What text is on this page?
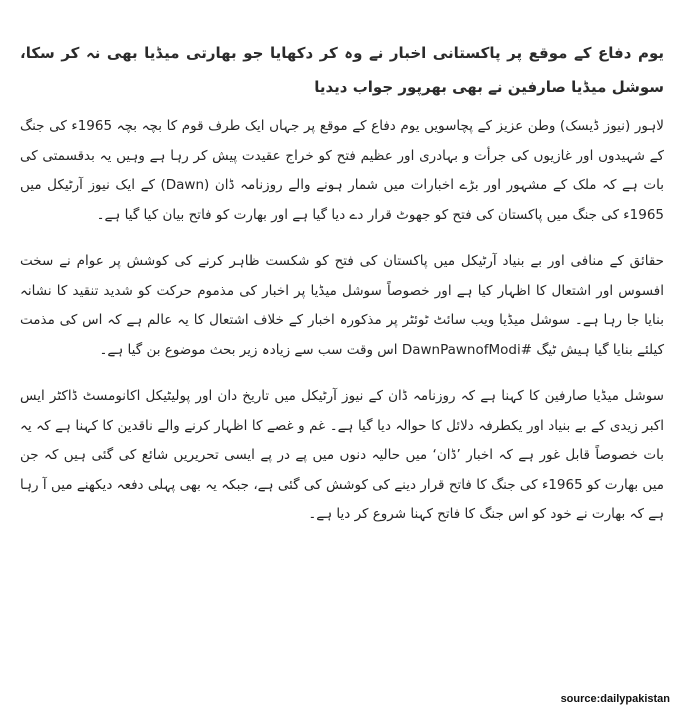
یوم دفاع کے موقع پر پاکستانی اخبار نے وہ کر دکھایا جو بھارتی میڈیا بھی نہ کر سکا، سوشل میڈیا صارفین نے بھی بھرپور جواب دیدیا
لاہور (نیوز ڈیسک) وطن عزیز کے پچاسویں یوم دفاع کے موقع پر جہاں ایک طرف قوم کا بچہ بچہ 1965ء کی جنگ کے شہیدوں اور غازیوں کی جرأت و بہادری اور عظیم فتح کو خراج عقیدت پیش کر رہا ہے وہیں یہ بدقسمتی کی بات ہے کہ ملک کے مشہور اور بڑے اخبارات میں شمار ہونے والے روزنامہ ڈان (Dawn) کے ایک نیوز آرٹیکل میں 1965ء کی جنگ میں پاکستان کی فتح کو جھوٹ قرار دے دیا گیا ہے اور بھارت کو فاتح بیان کیا گیا ہے۔
حقائق کے منافی اور بے بنیاد آرٹیکل میں پاکستان کی فتح کو شکست ظاہر کرنے کی کوشش پر عوام نے سخت افسوس اور اشتعال کا اظہار کیا ہے اور خصوصاً سوشل میڈیا پر اخبار کی مذموم حرکت کو شدید تنقید کا نشانہ بنایا جا رہا ہے۔ سوشل میڈیا ویب سائٹ ٹوئٹر پر مذکورہ اخبار کے خلاف اشتعال کا یہ عالم ہے کہ اس کی مذمت کیلئے بنایا گیا ہیش ٹیگ #DawnPawnofModi اس وقت سب سے زیادہ زیر بحث موضوع بن گیا ہے۔
سوشل میڈیا صارفین کا کہنا ہے کہ روزنامہ ڈان کے نیوز آرٹیکل میں تاریخ دان اور پولیٹیکل اکانومسٹ ڈاکٹر ایس اکبر زیدی کے بے بنیاد اور یکطرفہ دلائل کا حوالہ دیا گیا ہے۔ غم و غصے کا اظہار کرنے والے ناقدین کا کہنا ہے کہ یہ بات خصوصاً قابل غور ہے کہ اخبار ’ڈان‘ میں حالیہ دنوں میں پے در پے ایسی تحریریں شائع کی گئی ہیں کہ جن میں بھارت کو 1965ء کی جنگ کا فاتح قرار دینے کی کوشش کی گئی ہے، جبکہ یہ بھی پہلی دفعہ دیکھنے میں آ رہا ہے کہ بھارت نے خود کو اس جنگ کا فاتح کہنا شروع کر دیا ہے۔
source:dailypakistan
